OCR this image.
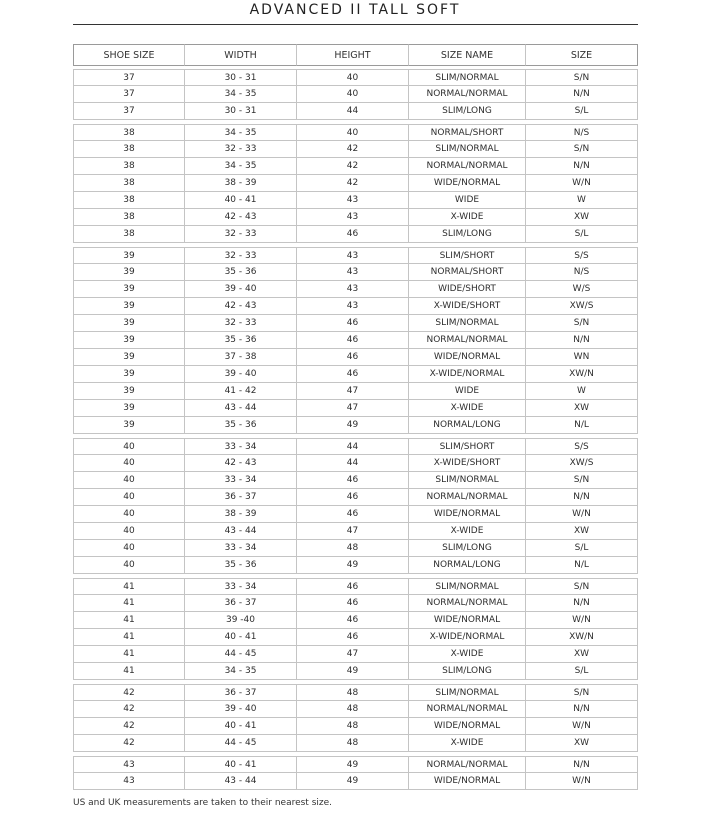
ADVANCED II TALL SOFT
SHOE SIZE	WIDTH	HEIGHT	SIZE NAME	SIZE
37	30 - 31	40	SLIM/NORMAL	S/N
37	34 - 35	40	NORMAL/NORMAL	N/N
37	30 - 31	44	SLIM/LONG	S/L
38	34 - 35	40	NORMAL/SHORT	N/S
38	32 - 33	42	SLIM/NORMAL	S/N
38	34 - 35	42	NORMAL/NORMAL	N/N
38	38 - 39	42	WIDE/NORMAL	W/N
38	40 - 41	43	WIDE	W
38	42 - 43	43	X-WIDE	XW
38	32 - 33	46	SLIM/LONG	S/L
39	32 - 33	43	SLIM/SHORT	S/S
39	35 - 36	43	NORMAL/SHORT	N/S
39	39 - 40	43	WIDE/SHORT	W/S
39	42 - 43	43	X-WIDE/SHORT	XW/S
39	32 - 33	46	SLIM/NORMAL	S/N
39	35 - 36	46	NORMAL/NORMAL	N/N
39	37 - 38	46	WIDE/NORMAL	WN
39	39 - 40	46	X-WIDE/NORMAL	XW/N
39	41 - 42	47	WIDE	W
39	43 - 44	47	X-WIDE	XW
39	35 - 36	49	NORMAL/LONG	N/L
40	33 - 34	44	SLIM/SHORT	S/S
40	42 - 43	44	X-WIDE/SHORT	XW/S
40	33 - 34	46	SLIM/NORMAL	S/N
40	36 - 37	46	NORMAL/NORMAL	N/N
40	38 - 39	46	WIDE/NORMAL	W/N
40	43 - 44	47	X-WIDE	XW
40	33 - 34	48	SLIM/LONG	S/L
40	35 - 36	49	NORMAL/LONG	N/L
41	33 - 34	46	SLIM/NORMAL	S/N
41	36 - 37	46	NORMAL/NORMAL	N/N
41	39 -40	46	WIDE/NORMAL	W/N
41	40 - 41	46	X-WIDE/NORMAL	XW/N
41	44 - 45	47	X-WIDE	XW
41	34 - 35	49	SLIM/LONG	S/L
42	36 - 37	48	SLIM/NORMAL	S/N
42	39 - 40	48	NORMAL/NORMAL	N/N
42	40 - 41	48	WIDE/NORMAL	W/N
42	44 - 45	48	X-WIDE	XW
43	40 - 41	49	NORMAL/NORMAL	N/N
43	43 - 44	49	WIDE/NORMAL	W/N
US and UK measurements are taken to their nearest size.
